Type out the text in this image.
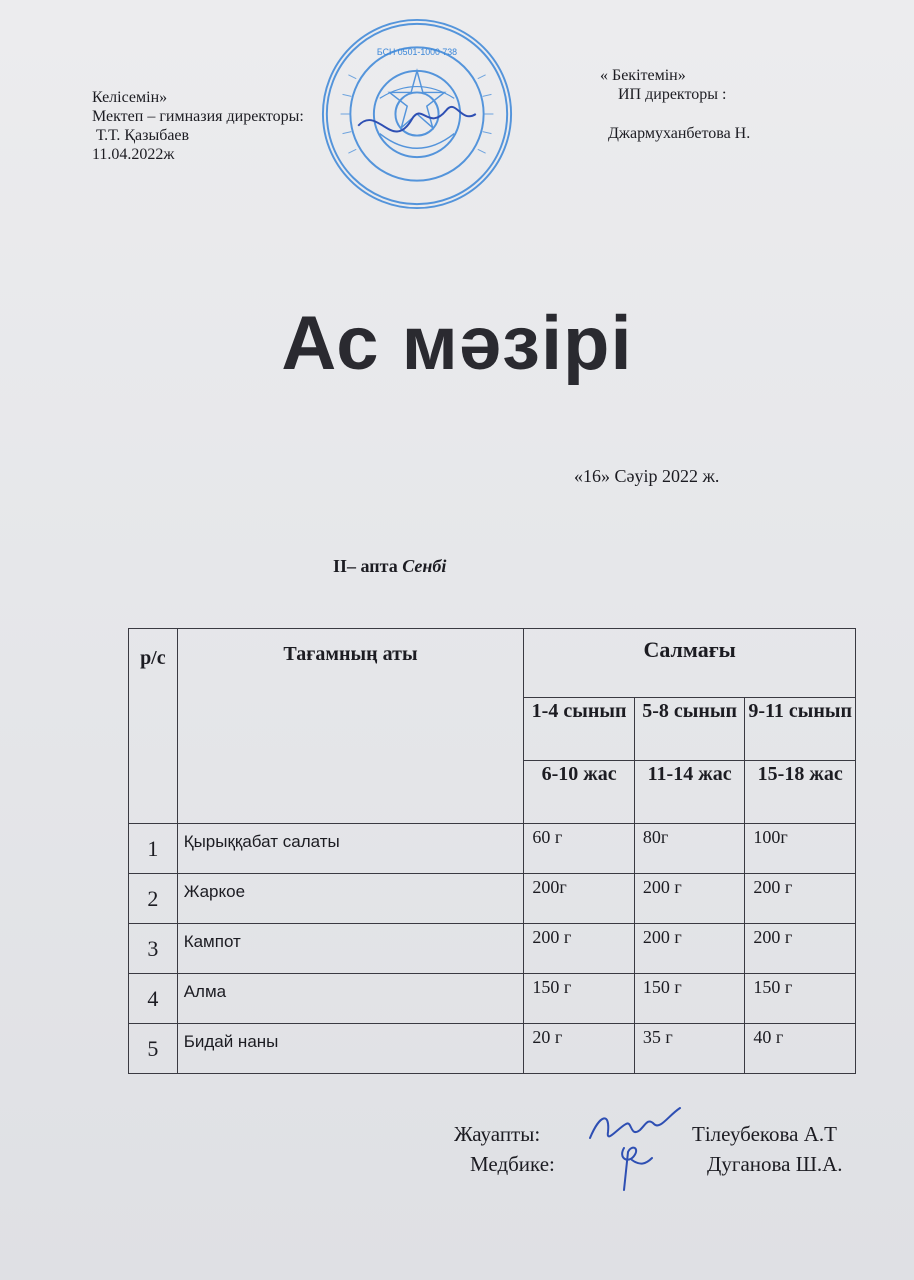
Келісемін»
Мектеп – гимназия директоры:
Т.Т. Қазыбаев
11.04.2022ж
БСН 0501-1000 738
« Бекітемін»
ИП директоры :
Джармуханбетова Н.
Ас мәзірі
«16» Сәуір 2022 ж.
II– апта Сенбі
р/с	Тағамның аты	Салмағы		
		1-4 сынып	5-8 сынып	9-11 сынып
		6-10 жас	11-14 жас	15-18 жас
1	Қырыққабат салаты	60 г	80г	100г
2	Жаркое	200г	200 г	200 г
3	Кампот	200 г	200 г	200 г
4	Алма	150 г	150 г	150 г
5	Бидай наны	20 г	35 г	40 г
Жауапты:
Медбике:
Тілеубекова А.Т
Дуганова Ш.А.
